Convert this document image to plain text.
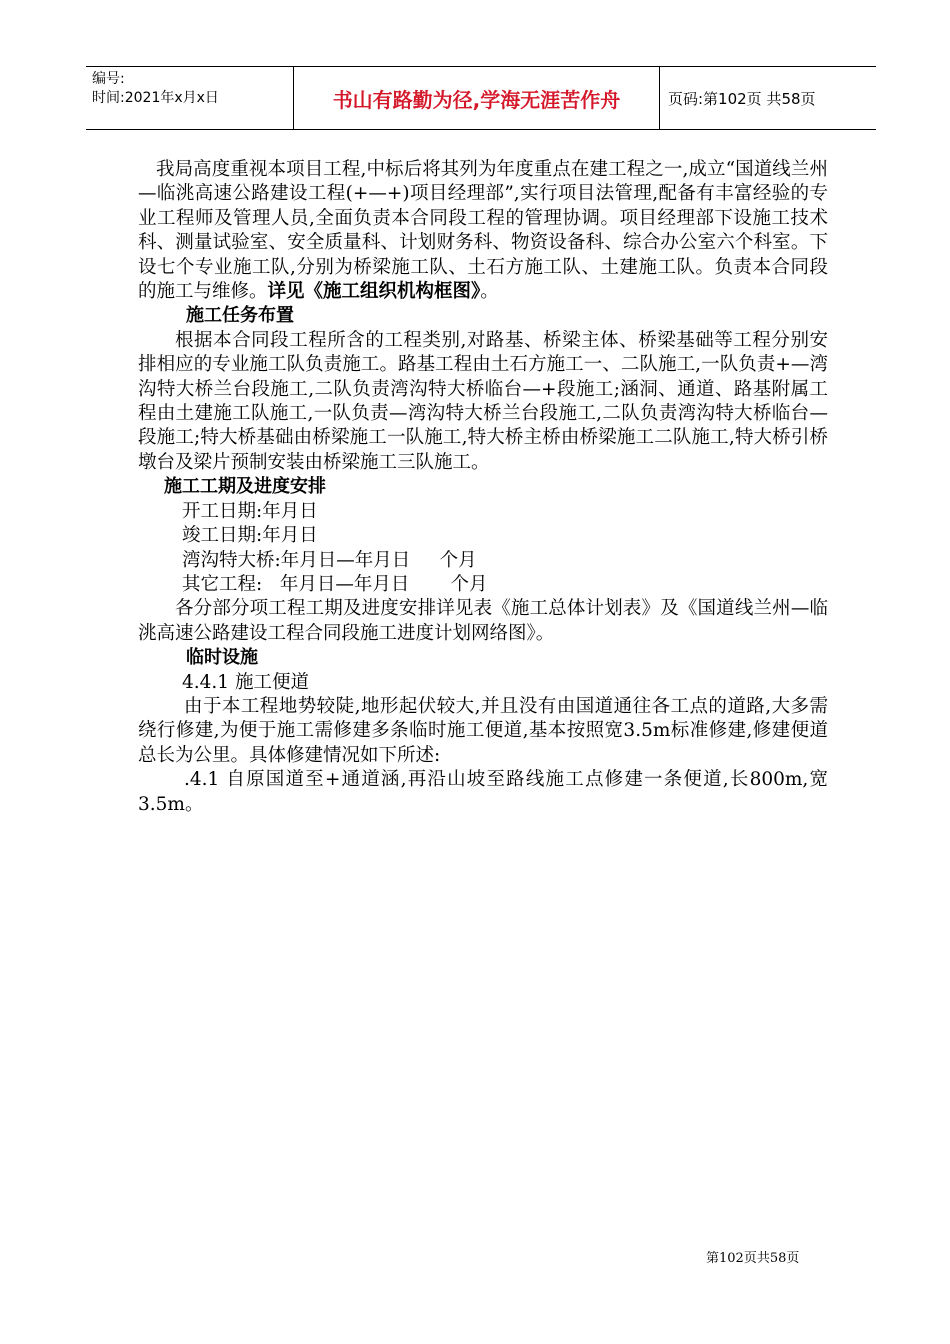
编号:
时间:2021年x月x日	书山有路勤为径,学海无涯苦作舟	页码:第102页 共58页

我局高度重视本项目工程,中标后将其列为年度重点在建工程之一,成立“国道线兰州—临洮高速公路建设工程(+—+)项目经理部”,实行项目法管理,配备有丰富经验的专业工程师及管理人员,全面负责本合同段工程的管理协调。项目经理部下设施工技术科、测量试验室、安全质量科、计划财务科、物资设备科、综合办公室六个科室。下设七个专业施工队,分别为桥梁施工队、土石方施工队、土建施工队。负责本合同段的施工与维修。详见《施工组织机构框图》。

施工任务布置

根据本合同段工程所含的工程类别,对路基、桥梁主体、桥梁基础等工程分别安排相应的专业施工队负责施工。路基工程由土石方施工一、二队施工,一队负责+—湾沟特大桥兰台段施工,二队负责湾沟特大桥临台—+段施工;涵洞、通道、路基附属工程由土建施工队施工,一队负责—湾沟特大桥兰台段施工,二队负责湾沟特大桥临台—段施工;特大桥基础由桥梁施工一队施工,特大桥主桥由桥梁施工二队施工,特大桥引桥墩台及梁片预制安装由桥梁施工三队施工。

施工工期及进度安排

开工日期:年月日

竣工日期:年月日

湾沟特大桥:年月日—年月日     个月

其它工程:   年月日—年月日       个月

各分部分项工程工期及进度安排详见表《施工总体计划表》及《国道线兰州—临洮高速公路建设工程合同段施工进度计划网络图》。

临时设施

4.4.1 施工便道

由于本工程地势较陡,地形起伏较大,并且没有由国道通往各工点的道路,大多需绕行修建,为便于施工需修建多条临时施工便道,基本按照宽3.5m标准修建,修建便道总长为公里。具体修建情况如下所述:

.4.1 自原国道至+通道涵,再沿山坡至路线施工点修建一条便道,长800m,宽3.5m。

第102页共58页
